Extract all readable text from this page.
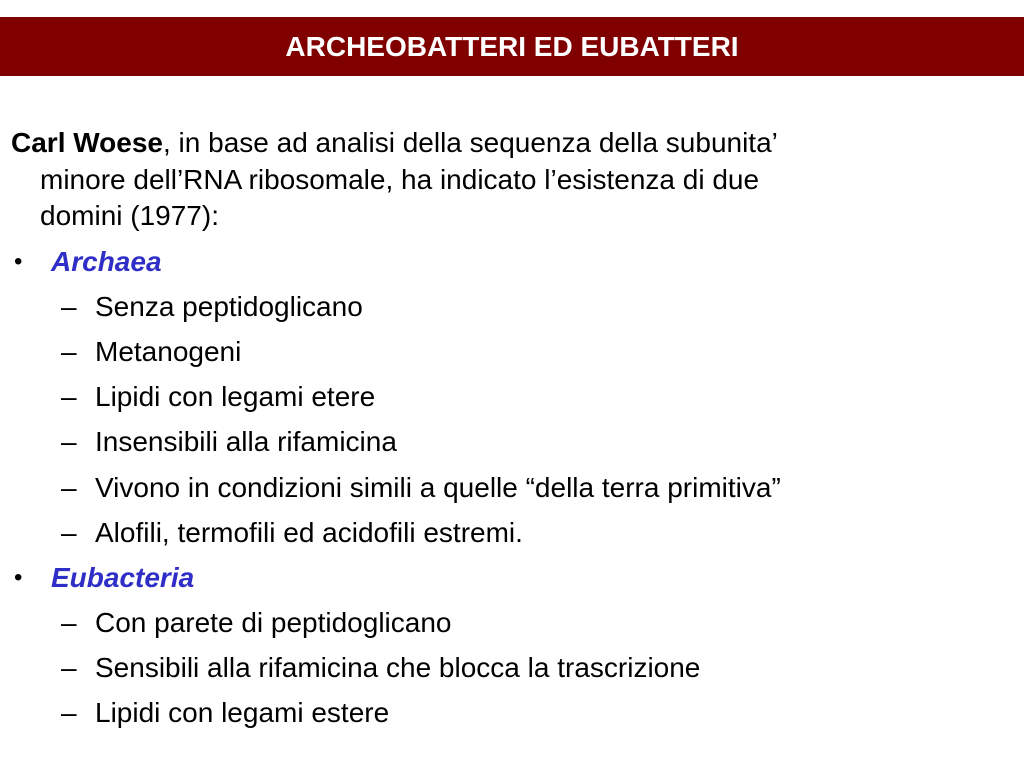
ARCHEOBATTERI ED EUBATTERI
Carl Woese, in base ad analisi della sequenza della subunita’
minore dell’RNA ribosomale, ha indicato l’esistenza di due
domini (1977):
• Archaea
– Senza peptidoglicano
– Metanogeni
– Lipidi con legami etere
– Insensibili alla rifamicina
– Vivono in condizioni simili a quelle “della terra primitiva”
– Alofili, termofili ed acidofili estremi.
• Eubacteria
– Con parete di peptidoglicano
– Sensibili alla rifamicina che blocca la trascrizione
– Lipidi con legami estere
